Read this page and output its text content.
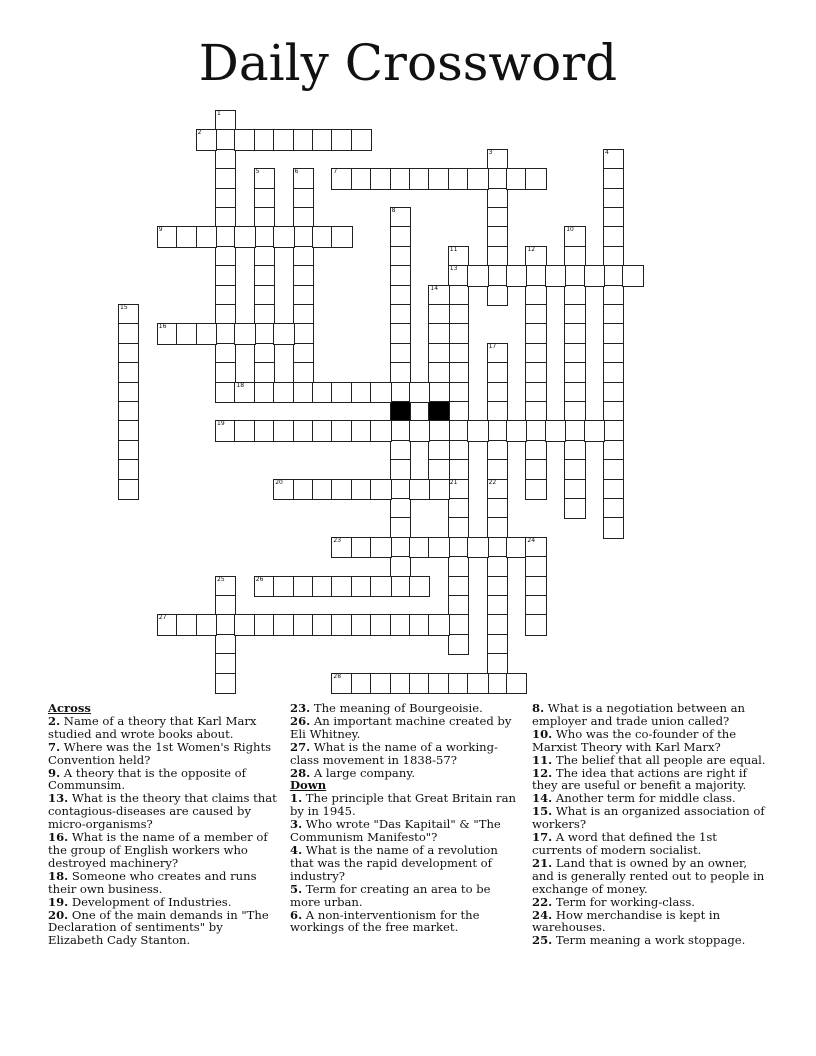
Daily Crossword
1
2
3	4
5	6	7
8
9	10
11
13
21
12
14
15
16
17
22
18
19
20
23	24
25	26
27
28
Across
2. Name of a theory that Karl Marx studied and wrote books about.
7. Where was the 1st Women's Rights Convention held?
9. A theory that is the opposite of Communsim.
13. What is the theory that claims that contagious-diseases are caused by micro-organisms?
16. What is the name of a member of the group of English workers who destroyed machinery?
18. Someone who creates and runs their own business.
19. Development of Industries.
20. One of the main demands in "The Declaration of sentiments" by Elizabeth Cady Stanton.
23. The meaning of Bourgeoisie.
26. An important machine created by Eli Whitney.
27. What is the name of a working-class movement in 1838-57?
28. A large company.
Down
1. The principle that Great Britain ran by in 1945.
3. Who wrote "Das Kapitail" & "The Communism Manifesto"?
4. What is the name of a revolution that was the rapid development of industry?
5. Term for creating an area to be more urban.
6. A non-interventionism for the workings of the free market.
8. What is a negotiation between an employer and trade union called?
10. Who was the co-founder of the Marxist Theory with Karl Marx?
11. The belief that all people are equal.
12. The idea that actions are right if they are useful or benefit a majority.
14. Another term for middle class.
15. What is an organized association of workers?
17. A word that defined the 1st currents of modern socialist.
21. Land that is owned by an owner, and is generally rented out to people in exchange of money.
22. Term for working-class.
24. How merchandise is kept in warehouses.
25. Term meaning a work stoppage.
